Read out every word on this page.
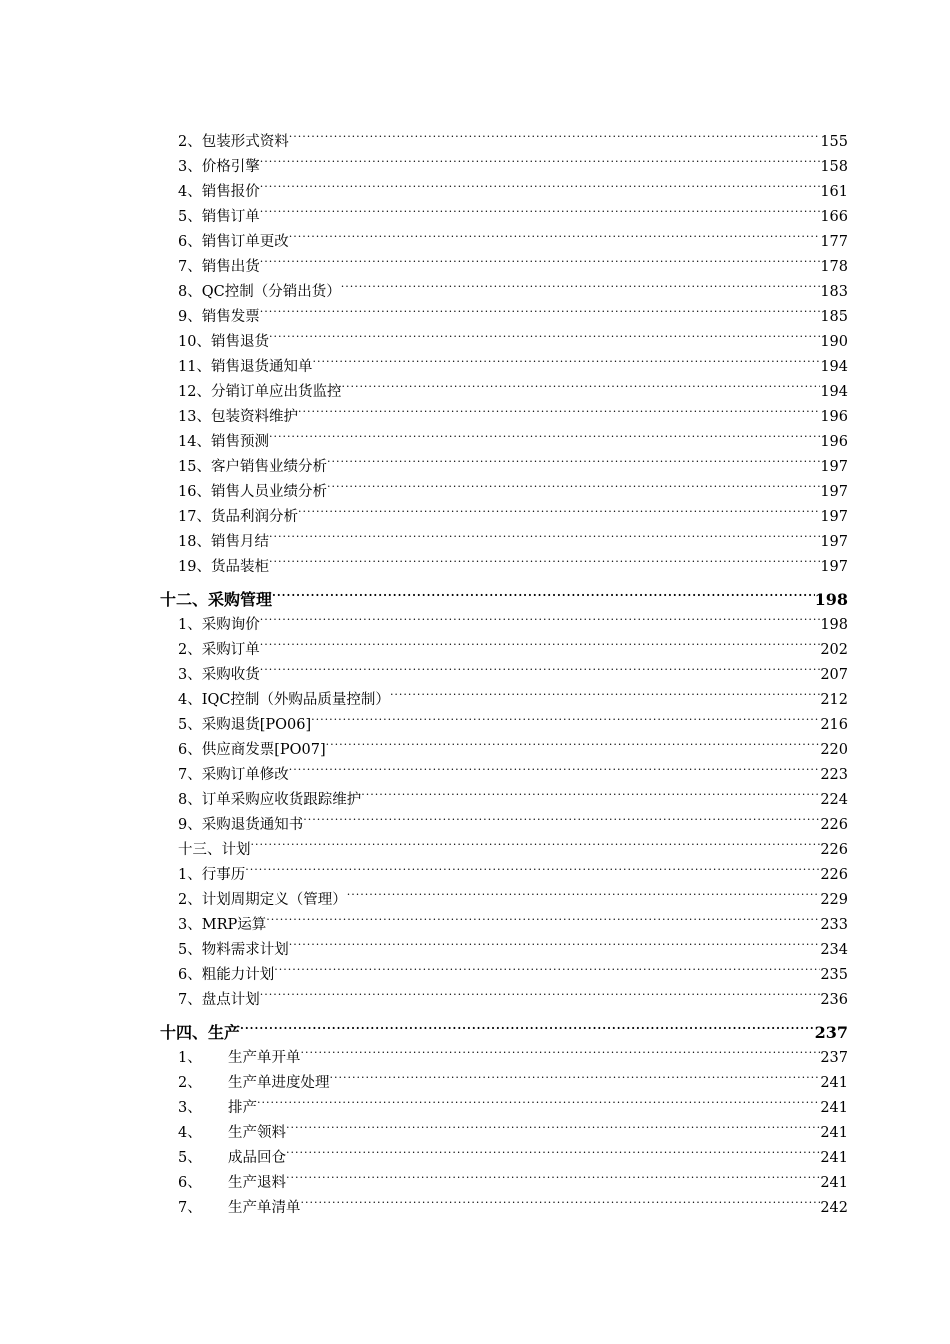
2、包装形式资料 .....	155
3、价格引擎 .....	158
4、销售报价 .....	161
5、销售订单 .....	166
6、销售订单更改 .....	177
7、销售出货 .....	178
8、QC控制（分销出货） .....	183
9、销售发票 .....	185
10、销售退货 .....	190
11、销售退货通知单 .....	194
12、分销订单应出货监控 .....	194
13、包装资料维护 .....	196
14、销售预测 .....	196
15、客户销售业绩分析 .....	197
16、销售人员业绩分析 .....	197
17、货品利润分析 .....	197
18、销售月结 .....	197
19、货品装柜 .....	197
十二、采购管理 .....	198
1、采购询价 .....	198
2、采购订单 .....	202
3、采购收货 .....	207
4、IQC控制（外购品质量控制） .....	212
5、采购退货[PO06] .....	216
6、供应商发票[PO07] .....	220
7、采购订单修改 .....	223
8、订单采购应收货跟踪维护 .....	224
9、采购退货通知书 .....	226
十三、计划 .....	226
1、行事历 .....	226
2、计划周期定义（管理） .....	229
3、MRP运算 .....	233
5、物料需求计划 .....	234
6、粗能力计划 .....	235
7、盘点计划 .....	236
十四、生产 .....	237
1、	生产单开单 .....	237
2、	生产单进度处理 .....	241
3、	排产 .....	241
4、	生产领料 .....	241
5、	成品回仓 .....	241
6、	生产退料 .....	241
7、	生产单清单 .....	242
